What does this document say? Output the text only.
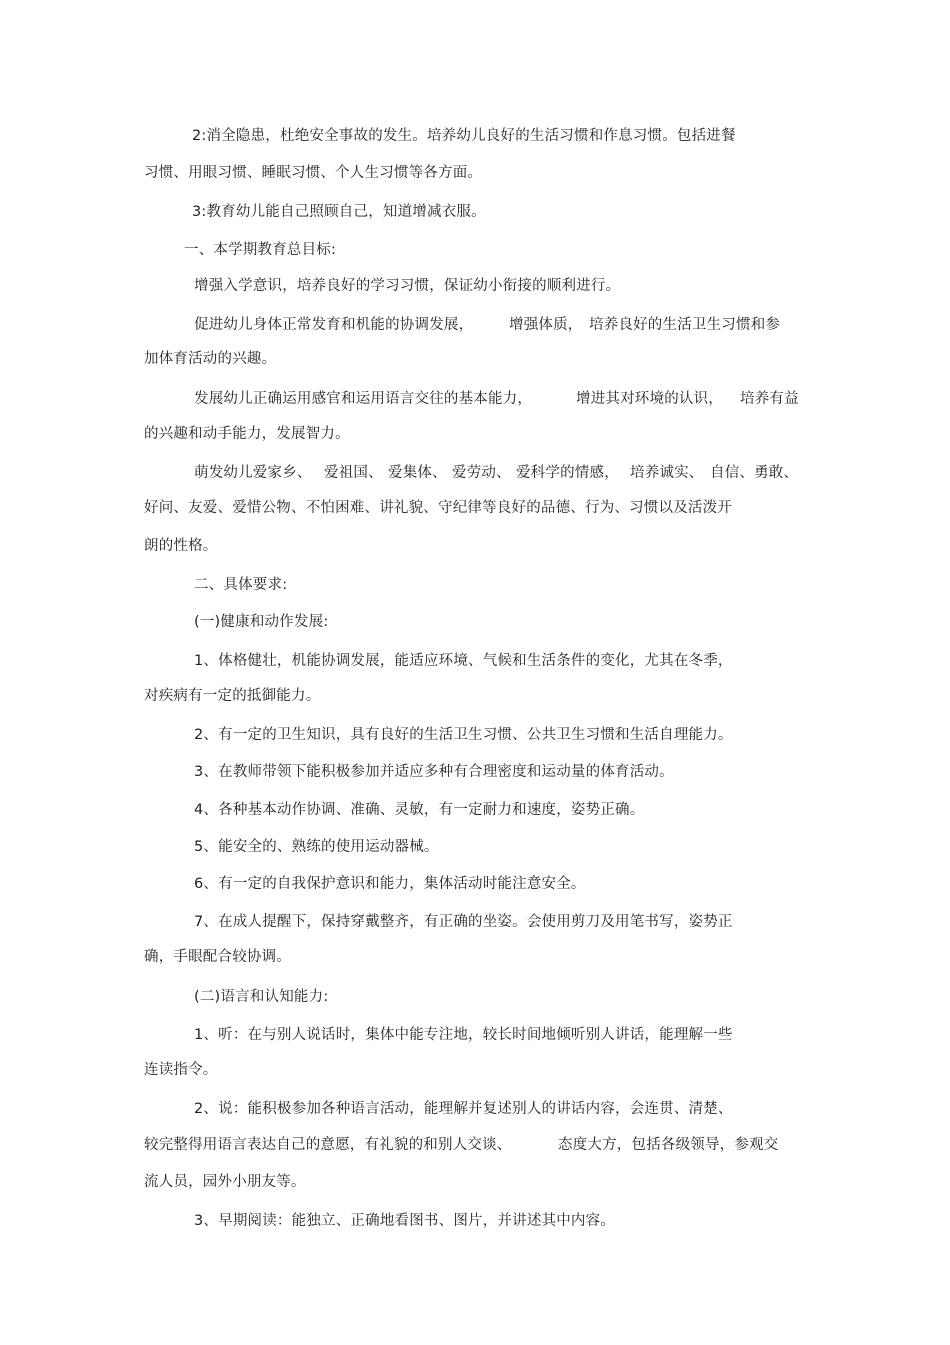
2:消全隐患，杜绝安全事故的发生。培养幼儿良好的生活习惯和作息习惯。包括进餐
习惯、用眼习惯、睡眠习惯、个人生习惯等各方面。
3:教育幼儿能自己照顾自己，知道增减衣服。
一、本学期教育总目标:
增强入学意识，培养良好的学习习惯，保证幼小衔接的顺利进行。
促进幼儿身体正常发育和机能的协调发展， 增强体质， 培养良好的生活卫生习惯和参
加体育活动的兴趣。
发展幼儿正确运用感官和运用语言交往的基本能力，	增进其对环境的认识， 培养有益
的兴趣和动手能力，发展智力。
萌发幼儿爱家乡、 爱祖国、 爱集体、 爱劳动、 爱科学的情感， 培养诚实、 自信、勇敢、
好问、友爱、爱惜公物、不怕困难、讲礼貌、守纪律等良好的品德、行为、习惯以及活泼开
朗的性格。
二、具体要求:
(一)健康和动作发展:
1、体格健壮，机能协调发展，能适应环境、气候和生活条件的变化，尤其在冬季，
对疾病有一定的抵御能力。
2、有一定的卫生知识，具有良好的生活卫生习惯、公共卫生习惯和生活自理能力。
3、在教师带领下能积极参加并适应多种有合理密度和运动量的体育活动。
4、各种基本动作协调、准确、灵敏，有一定耐力和速度，姿势正确。
5、能安全的、熟练的使用运动器械。
6、有一定的自我保护意识和能力，集体活动时能注意安全。
7、在成人提醒下，保持穿戴整齐，有正确的坐姿。会使用剪刀及用笔书写，姿势正
确，手眼配合较协调。
(二)语言和认知能力:
1、听：在与别人说话时，集体中能专注地，较长时间地倾听别人讲话，能理解一些
连读指令。
2、说：能积极参加各种语言活动，能理解并复述别人的讲话内容，会连贯、清楚、
较完整得用语言表达自己的意愿，有礼貌的和别人交谈、	态度大方，包括各级领导，参观交
流人员，园外小朋友等。
3、早期阅读：能独立、正确地看图书、图片，并讲述其中内容。
